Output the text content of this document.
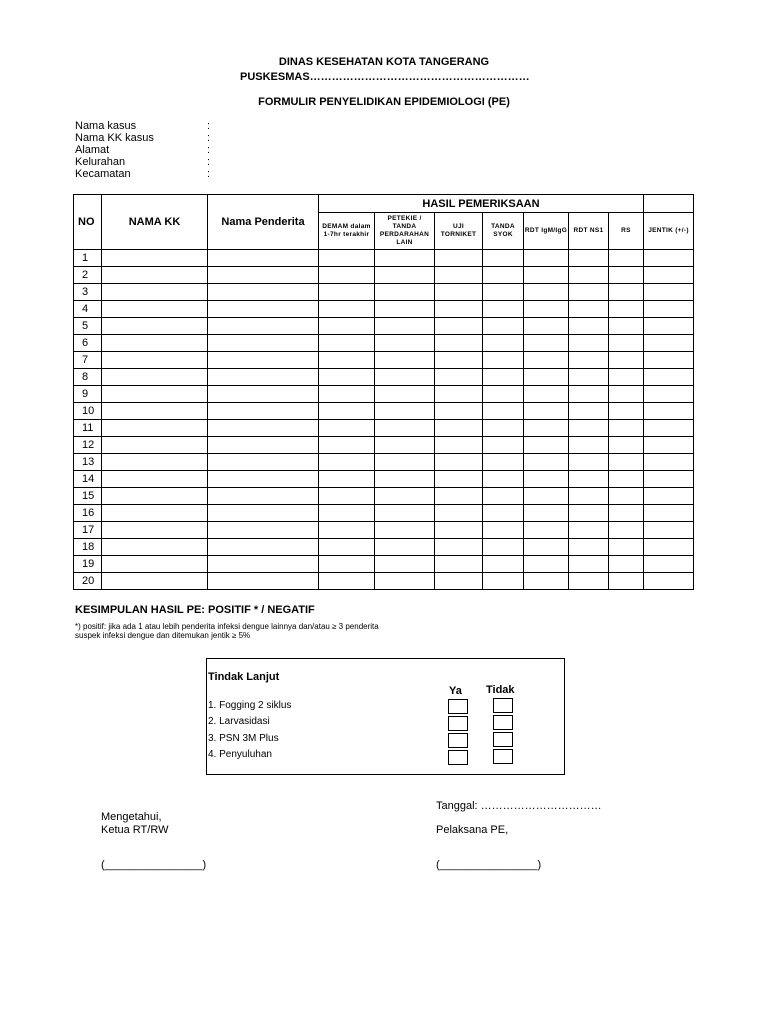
DINAS KESEHATAN KOTA TANGERANG
PUSKESMAS……………………………………………………
FORMULIR PENYELIDIKAN EPIDEMIOLOGI (PE)
Nama kasus	:
Nama KK kasus	:
Alamat	:
Kelurahan	:
Kecamatan	:
NO	NAMA KK	Nama Penderita	HASIL PEMERIKSAAN							
			DEMAM dalam 1-7hr terakhir	PETEKIE / TANDA PERDARAHAN LAIN	UJI TORNIKET	TANDA SYOK	RDT IgM/IgG	RDT NS1	RS	JENTIK (+/-)
1										
2										
3										
4										
5										
6										
7										
8										
9										
10										
11										
12										
13										
14										
15										
16										
17										
18										
19										
20										
KESIMPULAN HASIL PE: POSITIF * / NEGATIF
*) positif: jika ada 1 atau lebih penderita infeksi dengue lainnya dan/atau ≥ 3 penderita
suspek infeksi dengue dan ditemukan jentik ≥ 5%
Tindak Lanjut
Ya Tidak
1. Fogging 2 siklus
2. Larvasidasi
3. PSN 3M Plus
4. Penyuluhan
Mengetahui,
Ketua RT/RW
(________________)
Tanggal: ……………………………
Pelaksana PE,
(________________)
